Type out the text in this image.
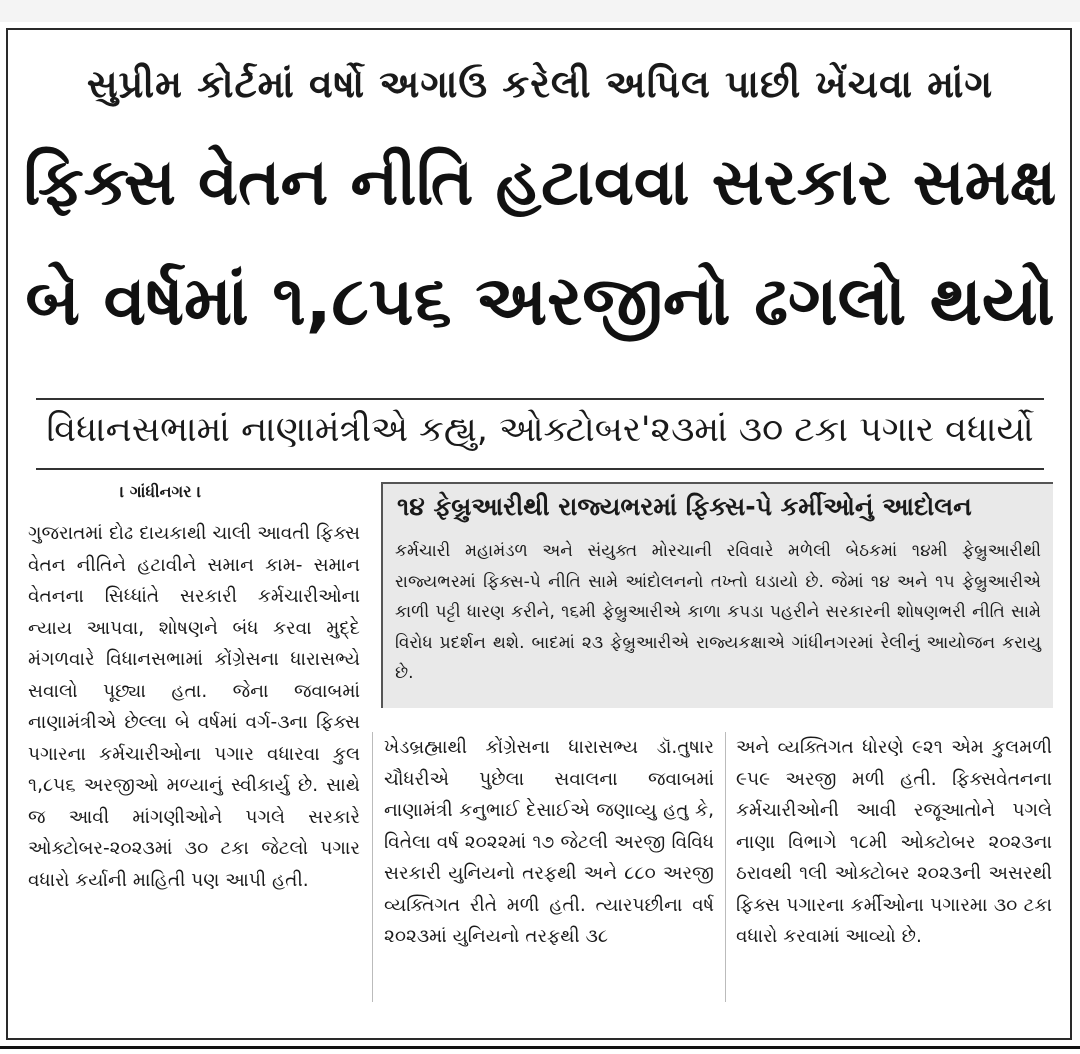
સુપ્રીમ કોર્ટમાં વર્ષો અગાઉ કરેલી અપિલ પાછી ખેંચવા માંગ
ફિક્સ વેતન નીતિ હટાવવા સરકાર સમક્ષ
બે વર્ષમાં ૧,૮૫૬ અરજીનો ઢગલો થયો
વિધાનસભામાં નાણામંત્રીએ કહ્યુ, ઓક્ટોબર'૨૩માં ૩૦ ટકા પગાર વધાર્યો
। ગાંધીનગર ।

ગુજરાતમાં દોઢ દાયકાથી ચાલી આવતી ફિક્સ વેતન નીતિને હટાવીને સમાન કામ- સમાન વેતનના સિધ્ધાંતે સરકારી કર્મચારીઓના ન્યાય આપવા, શોષણને બંધ કરવા મુદ્દે મંગળવારે વિધાનસભામાં કોંગ્રેસના ધારાસભ્યે સવાલો પૂછ્યા હતા. જેના જવાબમાં નાણામંત્રીએ છેલ્લા બે વર્ષમાં વર્ગ-૩ના ફિક્સ પગારના કર્મચારીઓના પગાર વધારવા કુલ ૧,૮૫૬ અરજીઓ મળ્યાનું સ્વીકાર્યુ છે. સાથે જ આવી માંગણીઓને પગલે સરકારે ઓક્ટોબર-૨૦૨૩માં ૩૦ ટકા જેટલો પગાર વધારો કર્યાની માહિતી પણ આપી હતી.

૧૪ ફેબ્રુઆરીથી રાજ્યભરમાં ફિક્સ-પે કર્મીઓનું આદોલન

કર્મચારી મહામંડળ અને સંયુક્ત મોરચાની રવિવારે મળેલી બેઠકમાં ૧૪મી ફેબ્રુઆરીથી રાજ્યભરમાં ફિક્સ-પે નીતિ સામે આંદોલનનો તખ્તો ઘડાયો છે. જેમાં ૧૪ અને ૧૫ ફેબ્રુઆરીએ કાળી પટ્ટી ધારણ કરીને, ૧૬મી ફેબ્રુઆરીએ કાળા કપડા પહરીને સરકારની શોષણભરી નીતિ સામે વિરોધ પ્રદર્શન થશે. બાદમાં ૨૩ ફેબ્રુઆરીએ રાજ્યકક્ષાએ ગાંધીનગરમાં રેલીનું આયોજન કરાયુ છે.

ખેડબ્રહ્માથી કોંગ્રેસના ધારાસભ્ય ડૉ.તુષાર ચૌધરીએ પુછેલા સવાલના જવાબમાં નાણામંત્રી કનુભાઈ દેસાઈએ જણાવ્યુ હતુ કે, વિતેલા વર્ષ ૨૦૨૨માં ૧૭ જેટલી અરજી વિવિધ સરકારી યુનિયનો તરફથી અને ૮૮૦ અરજી વ્યક્તિગત રીતે મળી હતી. ત્યારપછીના વર્ષ ૨૦૨૩માં યુનિયનો તરફથી ૩૮

અને વ્યક્તિગત ધોરણે ૯૨૧ એમ કુલમળી ૯૫૯ અરજી મળી હતી. ફિક્સવેતનના કર્મચારીઓની આવી રજૂઆતોને પગલે નાણા વિભાગે ૧૮મી ઓક્ટોબર ૨૦૨૩ના ઠરાવથી ૧લી ઓક્ટોબર ૨૦૨૩ની અસરથી ફિક્સ પગારના કર્મીઓના પગારમા ૩૦ ટકા વધારો કરવામાં આવ્યો છે.
